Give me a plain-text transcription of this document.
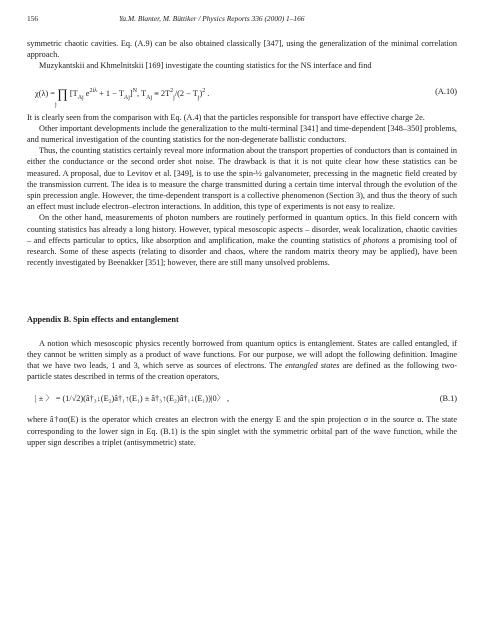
156	Ya.M. Blanter, M. Büttiker / Physics Reports 336 (2000) 1–166

symmetric chaotic cavities. Eq. (A.9) can be also obtained classically [347], using the generalization of the minimal correlation approach.

Muzykantskii and Khmelnitskii [169] investigate the counting statistics for the NS interface and find

χ(λ) = ∏ [$T_{Aj}$ $e^{2i\lambda} + 1 - T_{Aj}]^N$, $T_{Aj} \equiv 2T^2_j/(2 - T_j)^2$ .
j
(A.10)

It is clearly seen from the comparison with Eq. (A.4) that the particles responsible for transport have effective charge 2e.

Other important developments include the generalization to the multi-terminal [341] and time-dependent [348–350] problems, and numerical investigation of the counting statistics for the non-degenerate ballistic conductors.

Thus, the counting statistics certainly reveal more information about the transport properties of conductors than is contained in either the conductance or the second order shot noise. The drawback is that it is not quite clear how these statistics can be measured. A proposal, due to Levitov et al. [349], is to use the spin-½ galvanometer, precessing in the magnetic field created by the transmission current. The idea is to measure the charge transmitted during a certain time interval through the evolution of the spin precession angle. However, the time-dependent transport is a collective phenomenon (Section 3), and thus the theory of such an effect must include electron–electron interactions. In addition, this type of experiments is not easy to realize.

On the other hand, measurements of photon numbers are routinely performed in quantum optics. In this field concern with counting statistics has already a long history. However, typical mesoscopic aspects – disorder, weak localization, chaotic cavities – and effects particular to optics, like absorption and amplification, make the counting statistics of photons a promising tool of research. Some of these aspects (relating to disorder and chaos, where the random matrix theory may be applied), have been recently investigated by Beenakker [351]; however, there are still many unsolved problems.

Appendix B. Spin effects and entanglement

A notion which mesoscopic physics recently borrowed from quantum optics is entanglement. States are called entangled, if they cannot be written simply as a product of wave functions. For our purpose, we will adopt the following definition. Imagine that we have two leads, 1 and 3, which serve as sources of electrons. The entangled states are defined as the following two-particle states described in terms of the creation operators,

| ± 〉 = (1/√2)(â†₃↓(E₂)â†₁↑(E₁) ± â†₃↑(E₂)â†₁↓(E₁))|0〉 ,	(B.1)

where â†ασ(E) is the operator which creates an electron with the energy E and the spin projection σ in the source α. The state corresponding to the lower sign in Eq. (B.1) is the spin singlet with the symmetric orbital part of the wave function, while the upper sign describes a triplet (antisymmetric) state.
